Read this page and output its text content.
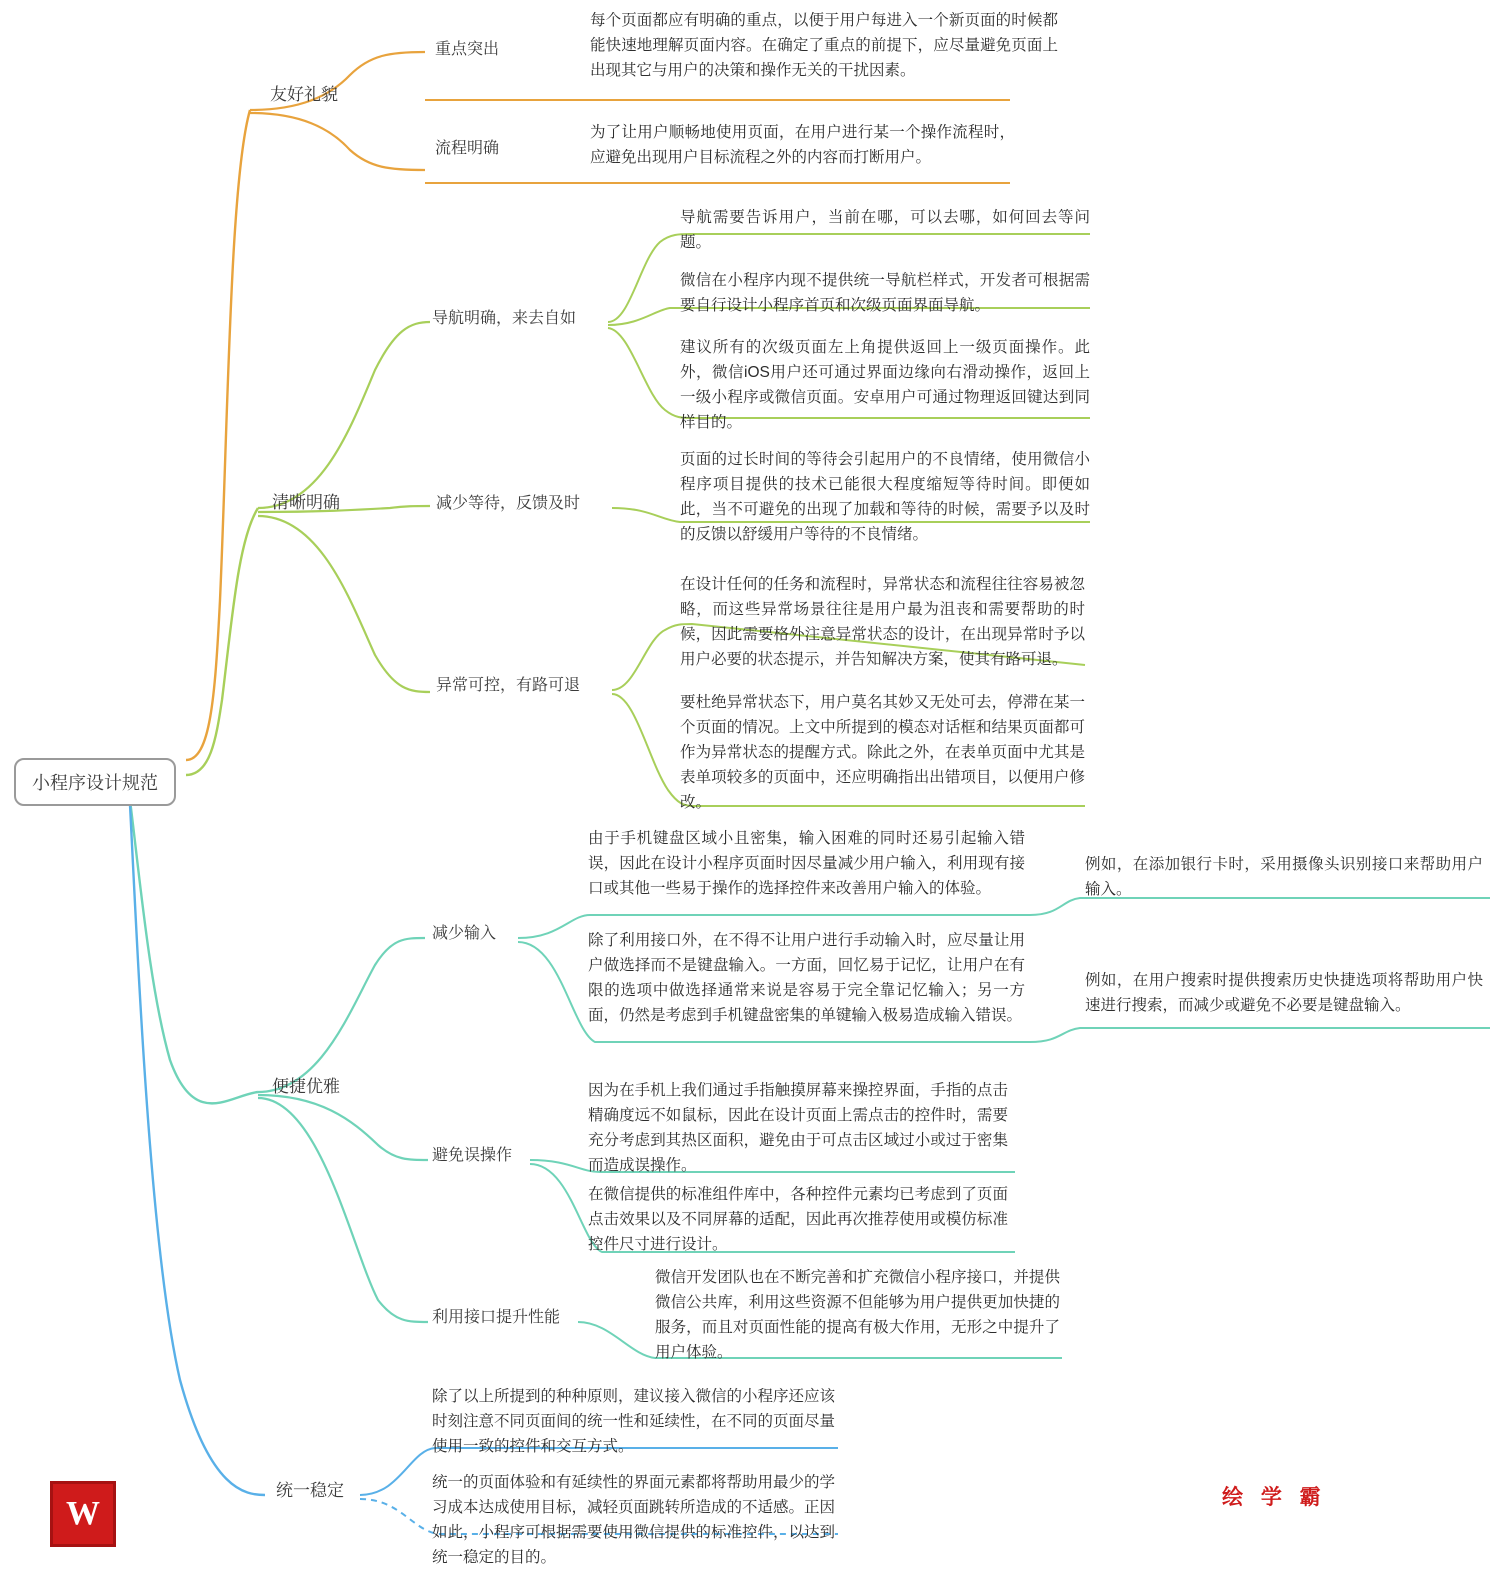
小程序设计规范
友好礼貌
清晰明确
便捷优雅
统一稳定
重点突出
流程明确
每个页面都应有明确的重点，以便于用户每进入一个新页面的时候都能快速地理解页面内容。在确定了重点的前提下，应尽量避免页面上出现其它与用户的决策和操作无关的干扰因素。
为了让用户顺畅地使用页面，在用户进行某一个操作流程时，应避免出现用户目标流程之外的内容而打断用户。
导航明确，来去自如
减少等待，反馈及时
异常可控，有路可退
导航需要告诉用户，当前在哪，可以去哪，如何回去等问题。
微信在小程序内现不提供统一导航栏样式，开发者可根据需要自行设计小程序首页和次级页面界面导航。
建议所有的次级页面左上角提供返回上一级页面操作。此外，微信iOS用户还可通过界面边缘向右滑动操作，返回上一级小程序或微信页面。安卓用户可通过物理返回键达到同样目的。
页面的过长时间的等待会引起用户的不良情绪，使用微信小程序项目提供的技术已能很大程度缩短等待时间。即便如此，当不可避免的出现了加载和等待的时候，需要予以及时的反馈以舒缓用户等待的不良情绪。
在设计任何的任务和流程时，异常状态和流程往往容易被忽略，而这些异常场景往往是用户最为沮丧和需要帮助的时候，因此需要格外注意异常状态的设计，在出现异常时予以用户必要的状态提示，并告知解决方案，使其有路可退。
要杜绝异常状态下，用户莫名其妙又无处可去，停滞在某一个页面的情况。上文中所提到的模态对话框和结果页面都可作为异常状态的提醒方式。除此之外，在表单页面中尤其是表单项较多的页面中，还应明确指出出错项目，以便用户修改。
减少输入
避免误操作
利用接口提升性能
由于手机键盘区域小且密集，输入困难的同时还易引起输入错误，因此在设计小程序页面时因尽量减少用户输入，利用现有接口或其他一些易于操作的选择控件来改善用户输入的体验。
除了利用接口外，在不得不让用户进行手动输入时，应尽量让用户做选择而不是键盘输入。一方面，回忆易于记忆，让用户在有限的选项中做选择通常来说是容易于完全靠记忆输入；另一方面，仍然是考虑到手机键盘密集的单键输入极易造成输入错误。
例如，在添加银行卡时，采用摄像头识别接口来帮助用户输入。
例如，在用户搜索时提供搜索历史快捷选项将帮助用户快速进行搜索，而减少或避免不必要是键盘输入。
因为在手机上我们通过手指触摸屏幕来操控界面，手指的点击精确度远不如鼠标，因此在设计页面上需点击的控件时，需要充分考虑到其热区面积，避免由于可点击区域过小或过于密集而造成误操作。
在微信提供的标准组件库中，各种控件元素均已考虑到了页面点击效果以及不同屏幕的适配，因此再次推荐使用或模仿标准控件尺寸进行设计。
微信开发团队也在不断完善和扩充微信小程序接口，并提供微信公共库，利用这些资源不但能够为用户提供更加快捷的服务，而且对页面性能的提高有极大作用，无形之中提升了用户体验。
除了以上所提到的种种原则，建议接入微信的小程序还应该时刻注意不同页面间的统一性和延续性，在不同的页面尽量使用一致的控件和交互方式。
统一的页面体验和有延续性的界面元素都将帮助用最少的学习成本达成使用目标，减轻页面跳转所造成的不适感。正因如此，小程序可根据需要使用微信提供的标准控件，以达到统一稳定的目的。
W	绘 学 霸
